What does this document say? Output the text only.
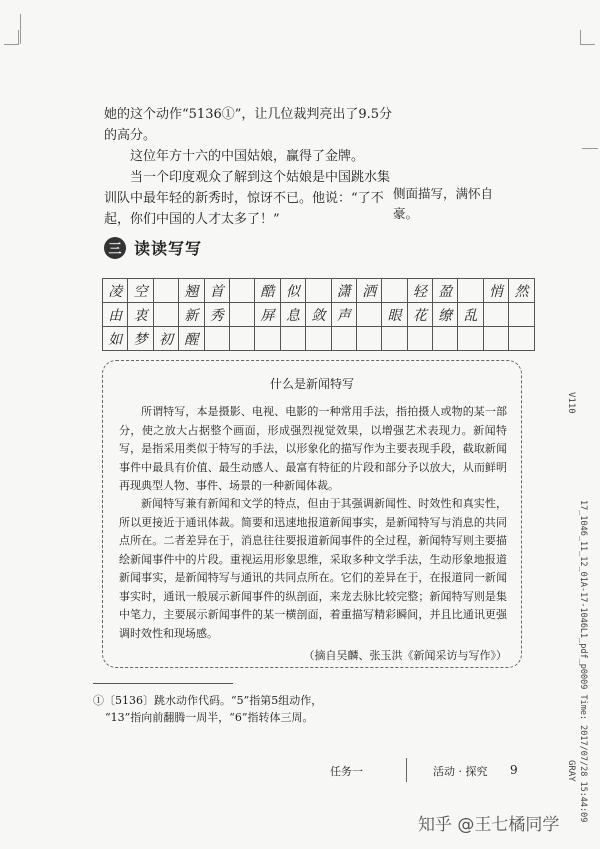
她的这个动作“5136①”，让几位裁判亮出了9.5分

的高分。

这位年方十六的中国姑娘，赢得了金牌。

当一个印度观众了解到这个姑娘是中国跳水集

训队中最年轻的新秀时，惊讶不已。他说：“了不

起，你们中国的人才太多了！”

侧面描写，满怀自豪。
三 读读写写
凌	空		翘	首		酷	似		潇	洒		轻	盈		悄	然
由	衷		新	秀		屏	息	敛	声		眼	花	缭	乱		
如	梦	初	醒													
什么是新闻特写

所谓特写，本是摄影、电视、电影的一种常用手法，指拍摄人或物的某一部分，使之放大占据整个画面，形成强烈视觉效果，以增强艺术表现力。新闻特写，是指采用类似于特写的手法，以形象化的描写作为主要表现手段，截取新闻事件中最具有价值、最生动感人、最富有特征的片段和部分予以放大，从而鲜明再现典型人物、事件、场景的一种新闻体裁。

新闻特写兼有新闻和文学的特点，但由于其强调新闻性、时效性和真实性，所以更接近于通讯体裁。简要和迅速地报道新闻事实，是新闻特写与消息的共同点所在。二者差异在于，消息往往要报道新闻事件的全过程，新闻特写则主要描绘新闻事件中的片段。重视运用形象思维，采取多种文学手法，生动形象地报道新闻事实，是新闻特写与通讯的共同点所在。它们的差异在于，在报道同一新闻事实时，通讯一般展示新闻事件的纵剖面，来龙去脉比较完整；新闻特写则是集中笔力，主要展示新闻事件的某一横剖面，着重描写精彩瞬间，并且比通讯更强调时效性和现场感。

（摘自吴麟、张玉洪《新闻采访与写作》）
①〔5136〕跳水动作代码。“5”指第5组动作，
“13”指向前翻腾一周半，“6”指转体三周。
任务一	活动 · 探究 9
V110
17_1046_11_12_01A-17-1046L1_pdf_p0009 Time: 2017/07/28 15:44:09
GRAY
知乎 @王七橘同学
